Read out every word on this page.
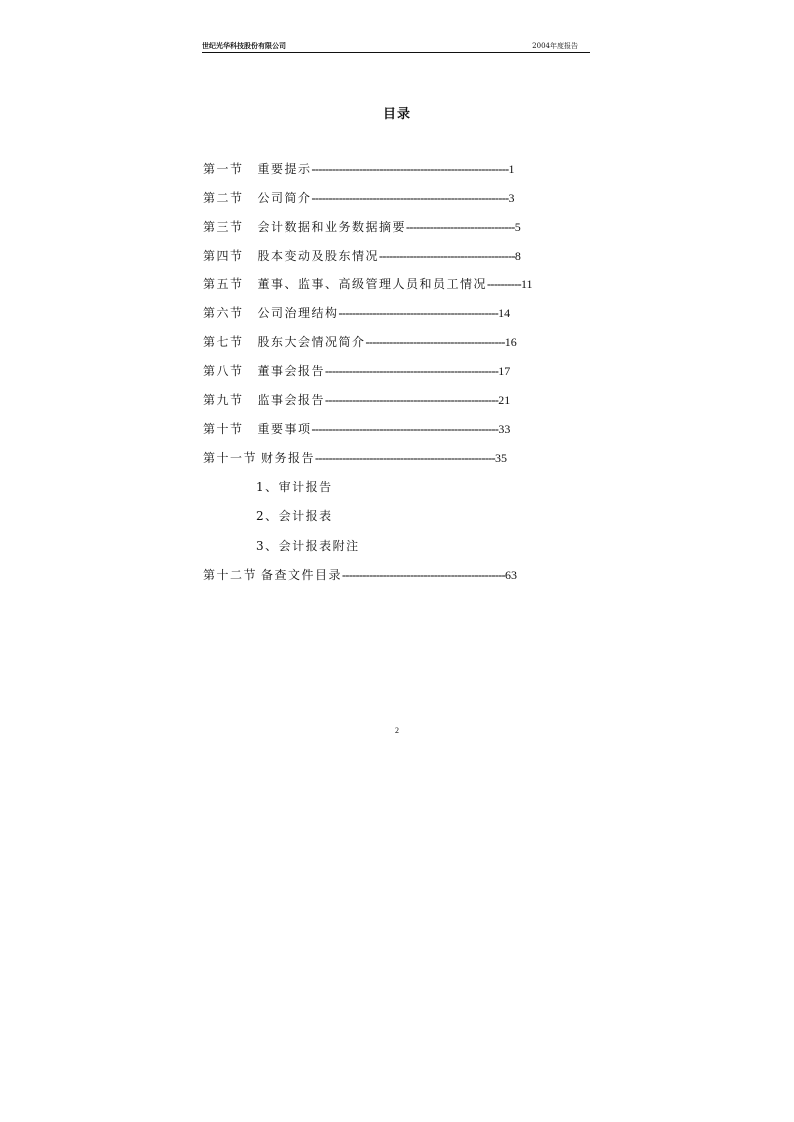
世纪光华科技股份有限公司	2004年度报告
目录
第一节 重要提示----------------------------------------------------------1
第二节 公司简介----------------------------------------------------------3
第三节 会计数据和业务数据摘要--------------------------------5
第四节 股本变动及股东情况----------------------------------------8
第五节 董事、监事、高级管理人员和员工情况----------11
第六节 公司治理结构-----------------------------------------------14
第七节 股东大会情况简介-----------------------------------------16
第八节 董事会报告---------------------------------------------------17
第九节 监事会报告---------------------------------------------------21
第十节 重要事项-------------------------------------------------------33
第十一节 财务报告-----------------------------------------------------35
第十二节 备查文件目录------------------------------------------------63
1、审计报告
2、会计报表
3、会计报表附注
2
